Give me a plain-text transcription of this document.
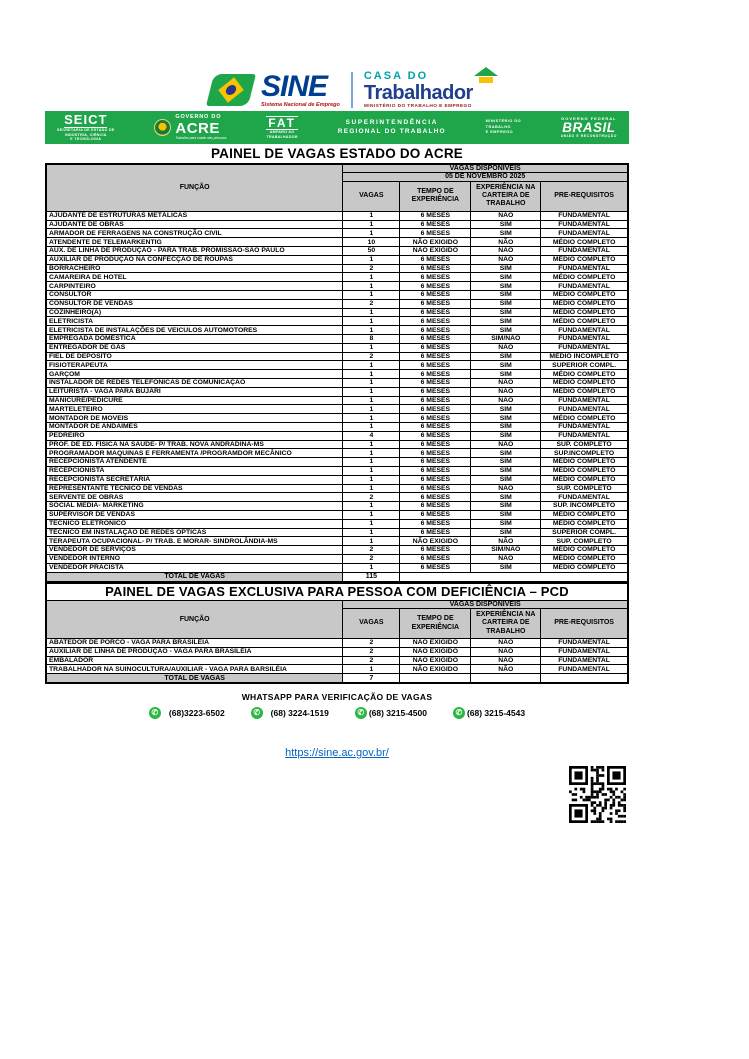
SINE
Sistema Nacional de Emprego
CASA DO
Trabalhador
MINISTÉRIO DO TRABALHO E EMPREGO
SEICT
SECRETARIA DE ESTADO DE
INDÚSTRIA, CIÊNCIA
E TECNOLOGIA
GOVERNO DO
ACRE
Trabalho para cuidar das pessoas
FAT
AMPARO AO
TRABALHADOR
SUPERINTENDÊNCIA
REGIONAL DO TRABALHO
MINISTÉRIO DO
TRABALHO
E EMPREGO
GOVERNO FEDERAL
BRASIL
UNIÃO E RECONSTRUÇÃO
PAINEL DE VAGAS ESTADO DO ACRE
FUNÇÃO	VAGAS DISPONÍVEIS			
	05 DE NOVEMBRO 2025			
	VAGAS	TEMPO DE EXPERIÊNCIA	EXPERIÊNCIA NA CARTEIRA DE TRABALHO	PRE-REQUISITOS
AJUDANTE DE ESTRUTURAS METÁLICAS	1	6 MESES	NÃO	FUNDAMENTAL
AJUDANTE DE OBRAS	1	6 MESES	SIM	FUNDAMENTAL
ARMADOR DE FERRAGENS NA CONSTRUÇÃO CIVIL	1	6 MESES	SIM	FUNDAMENTAL
ATENDENTE DE TELEMARKENTIG	10	NÃO EXIGIDO	NÃO	MÉDIO COMPLETO
AUX. DE LINHA DE PRODUÇÃO - PARA TRAB. PROMISSÃO-SÃO PAULO	50	NÃO EXIGIDO	NÃO	FUNDAMENTAL
AUXILIAR DE PRODUÇÃO NA CONFECÇÃO DE ROUPAS	1	6 MESES	NÃO	MÉDIO COMPLETO
BORRACHEIRO	2	6 MESES	SIM	FUNDAMENTAL
CAMAREIRA DE HOTEL	1	6 MESES	SIM	MÉDIO COMPLETO
CARPINTEIRO	1	6 MESES	SIM	FUNDAMENTAL
CONSULTOR	1	6 MESES	SIM	MÉDIO COMPLETO
CONSULTOR DE VENDAS	2	6 MESES	SIM	MÉDIO COMPLETO
COZINHEIRO(A)	1	6 MESES	SIM	MÉDIO COMPLETO
ELETRICISTA	1	6 MESES	SIM	MÉDIO COMPLETO
ELETRICISTA DE INSTALAÇÕES DE VEICULOS AUTOMOTORES	1	6 MESES	SIM	FUNDAMENTAL
EMPREGADA DOMÉSTICA	8	6 MESES	SIM/NÃO	FUNDAMENTAL
ENTREGADOR DE GÁS	1	6 MESES	NÃO	FUNDAMENTAL
FIEL DE DEPOSITO	2	6 MESES	SIM	MÉDIO INCOMPLETO
FISIOTERAPEUTA	1	6 MESES	SIM	SUPERIOR COMPL.
GARÇOM	1	6 MESES	SIM	MÉDIO COMPLETO
INSTALADOR DE REDES TELEFÔNICAS DE COMUNICAÇÃO	1	6 MESES	NÃO	MÉDIO COMPLETO
LEITURISTA - VAGA PARA BUJARI	1	6 MESES	NÃO	MÉDIO COMPLETO
MANICURE/PEDICURE	1	6 MESES	NÃO	FUNDAMENTAL
MARTELETEIRO	1	6 MESES	SIM	FUNDAMENTAL
MONTADOR DE MOVEIS	1	6 MESES	SIM	MÉDIO COMPLETO
MONTADOR DE ANDAIMES	1	6 MESES	SIM	FUNDAMENTAL
PEDREIRO	4	6 MESES	SIM	FUNDAMENTAL
PROF. DE ED. FÍSICA NA SAÚDE- P/ TRAB. NOVA ANDRADINA-MS	1	6 MESES	NÃO	SUP. COMPLETO
PROGRAMADOR MAQUINAS E FERRAMENTA /PROGRAMDOR MECÂNICO	1	6 MESES	SIM	SUP.INCOMPLETO
RECEPCIONISTA ATENDENTE	1	6 MESES	SIM	MÉDIO COMPLETO
RECEPCIONISTA	1	6 MESES	SIM	MÉDIO COMPLETO
RECEPCIONISTA SECRETÁRIA	1	6 MESES	SIM	MÉDIO COMPLETO
REPRESENTANTE TÉCNICO DE VENDAS	1	6 MESES	NÃO	SUP. COMPLETO
SERVENTE DE OBRAS	2	6 MESES	SIM	FUNDAMENTAL
SOCIAL MEDIA- MARKETING	1	6 MESES	SIM	SUP. INCOMPLETO
SUPERVISOR DE VENDAS	1	6 MESES	SIM	MÉDIO COMPLETO
TECNICO ELETRÔNICO	1	6 MESES	SIM	MÉDIO COMPLETO
TÉCNICO EM INSTALAÇÃO DE REDES OPTICAS	1	6 MESES	SIM	SUPERIOR COMPL.
TERAPEUTA OCUPACIONAL- P/ TRAB. E MORAR- SINDROLÂNDIA-MS	1	NÃO EXIGIDO	NÃO	SUP. COMPLETO
VENDEDOR DE SERVIÇOS	2	6 MESES	SIM/NÃO	MÉDIO COMPLETO
VENDEDOR INTERNO	2	6 MESES	NÃO	MÉDIO COMPLETO
VENDEDOR PRACISTA	1	6 MESES	SIM	MÉDIO COMPLETO
TOTAL DE VAGAS	115			
PAINEL DE VAGAS EXCLUSIVA PARA PESSOA COM DEFICIÊNCIA – PCD				
FUNÇÃO	VAGAS DISPONÍVEIS			
	VAGAS	TEMPO DE EXPERIÊNCIA	EXPERIÊNCIA NA CARTEIRA DE TRABALHO	PRE-REQUISITOS
ABATEDOR DE PORCO - VAGA PARA BRASILÉIA	2	NÃO EXIGIDO	NÃO	FUNDAMENTAL
AUXILIAR DE LINHA DE PRODUÇÃO - VAGA PARA BRASILÉIA	2	NÃO EXIGIDO	NÃO	FUNDAMENTAL
EMBALADOR	2	NÃO EXIGIDO	NÃO	FUNDAMENTAL
TRABALHADOR NA SUINOCULTURA/AUXILIAR - VAGA PARA BARSILÉIA	1	NÃO EXIGIDO	NÃO	FUNDAMENTAL
TOTAL DE VAGAS	7			
WHATSAPP PARA VERIFICAÇÃO DE VAGAS
✆	(68)3223-6502	✆	(68) 3224-1519	✆ (68) 3215-4500	✆ (68) 3215-4543
https://sine.ac.gov.br/
